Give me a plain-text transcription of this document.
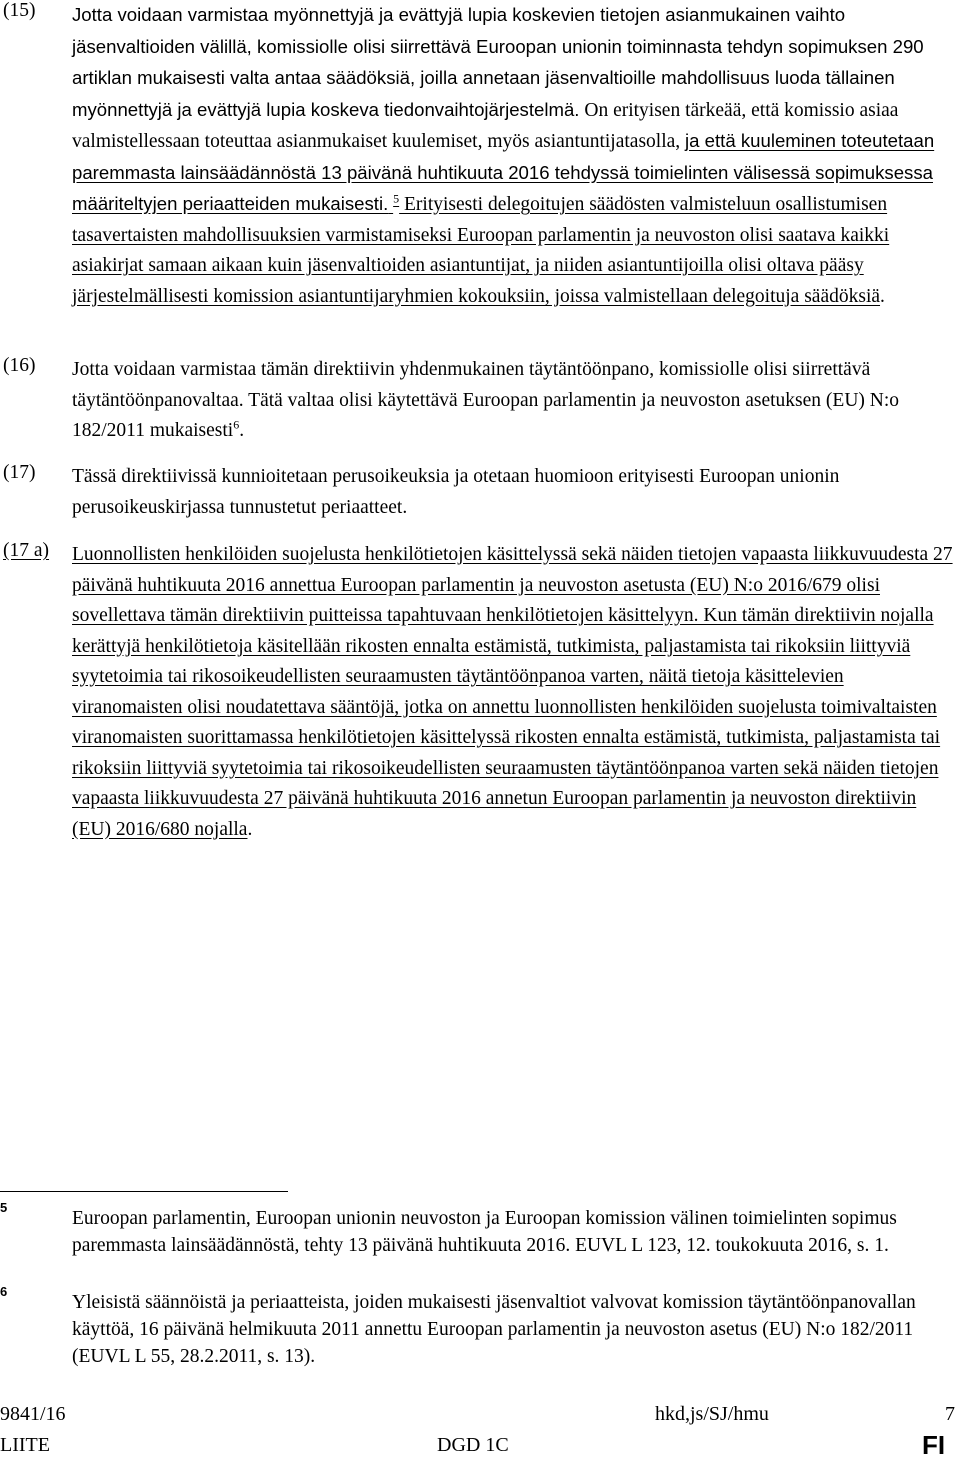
(15) Jotta voidaan varmistaa myönnettyjä ja evättyjä lupia koskevien tietojen asianmukainen vaihto jäsenvaltioiden välillä, komissiolle olisi siirrettävä Euroopan unionin toiminnasta tehdyn sopimuksen 290 artiklan mukaisesti valta antaa säädöksiä, joilla annetaan jäsenvaltioille mahdollisuus luoda tällainen myönnettyjä ja evättyjä lupia koskeva tiedonvaihtojärjestelmä. On erityisen tärkeää, että komissio asiaa valmistellessaan toteuttaa asianmukaiset kuulemiset, myös asiantuntijatasolla, ja että kuuleminen toteutetaan paremmasta lainsäädännöstä 13 päivänä huhtikuuta 2016 tehdyssä toimielinten välisessä sopimuksessa määriteltyjen periaatteiden mukaisesti. $^5$ Erityisesti delegoitujen säädösten valmisteluun osallistumisen tasavertaisten mahdollisuuksien varmistamiseksi Euroopan parlamentin ja neuvoston olisi saatava kaikki asiakirjat samaan aikaan kuin jäsenvaltioiden asiantuntijat, ja niiden asiantuntijoilla olisi oltava pääsy järjestelmällisesti komission asiantuntijaryhmien kokouksiin, joissa valmistellaan delegoituja säädöksiä.
(16) Jotta voidaan varmistaa tämän direktiivin yhdenmukainen täytäntöönpano, komissiolle olisi siirrettävä täytäntöönpanovaltaa. Tätä valtaa olisi käytettävä Euroopan parlamentin ja neuvoston asetuksen (EU) N:o 182/2011 mukaisesti$^6$.
(17) Tässä direktiivissä kunnioitetaan perusoikeuksia ja otetaan huomioon erityisesti Euroopan unionin perusoikeuskirjassa tunnustetut periaatteet.
(17 a) Luonnollisten henkilöiden suojelusta henkilötietojen käsittelyssä sekä näiden tietojen vapaasta liikkuvuudesta 27 päivänä huhtikuuta 2016 annettua Euroopan parlamentin ja neuvoston asetusta (EU) N:o 2016/679 olisi sovellettava tämän direktiivin puitteissa tapahtuvaan henkilötietojen käsittelyyn. Kun tämän direktiivin nojalla kerättyjä henkilötietoja käsitellään rikosten ennalta estämistä, tutkimista, paljastamista tai rikoksiin liittyviä syytetoimia tai rikosoikeudellisten seuraamusten täytäntöönpanoa varten, näitä tietoja käsittelevien viranomaisten olisi noudatettava sääntöjä, jotka on annettu luonnollisten henkilöiden suojelusta toimivaltaisten viranomaisten suorittamassa henkilötietojen käsittelyssä rikosten ennalta estämistä, tutkimista, paljastamista tai rikoksiin liittyviä syytetoimia tai rikosoikeudellisten seuraamusten täytäntöönpanoa varten sekä näiden tietojen vapaasta liikkuvuudesta 27 päivänä huhtikuuta 2016 annetun Euroopan parlamentin ja neuvoston direktiivin (EU) 2016/680 nojalla.
5
Euroopan parlamentin, Euroopan unionin neuvoston ja Euroopan komission välinen toimielinten sopimus paremmasta lainsäädännöstä, tehty 13 päivänä huhtikuuta 2016. EUVL L 123, 12. toukokuuta 2016, s. 1.
6
Yleisistä säännöistä ja periaatteista, joiden mukaisesti jäsenvaltiot valvovat komission täytäntöönpanovallan käyttöä, 16 päivänä helmikuuta 2011 annettu Euroopan parlamentin ja neuvoston asetus (EU) N:o 182/2011 (EUVL L 55, 28.2.2011, s. 13).
9841/16	hkd,js/SJ/hmu	7
LIITE	DGD 1C	FI
